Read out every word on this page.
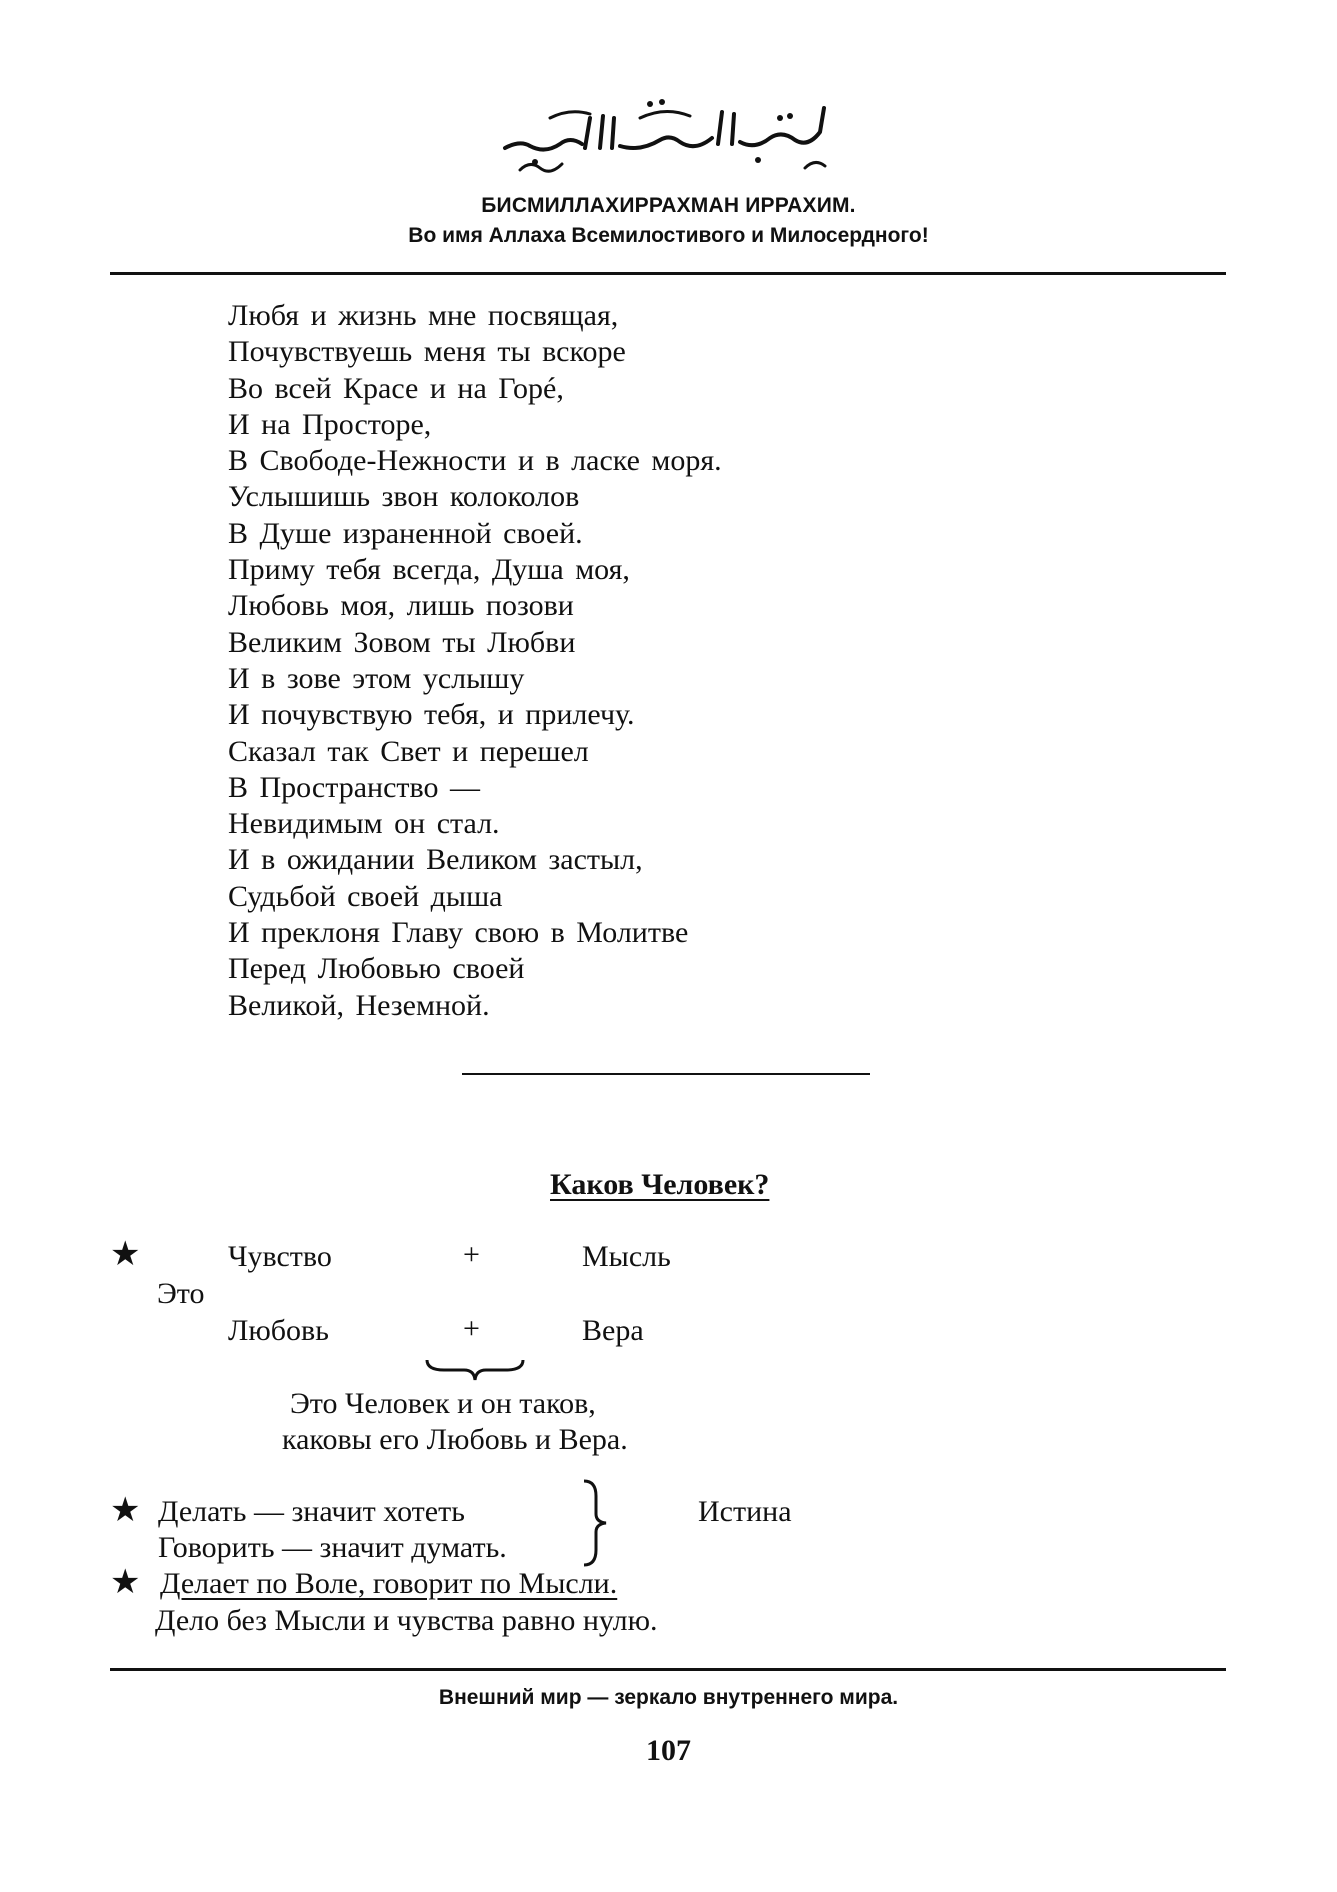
БИСМИЛЛАХИРРАХМАН ИРРАХИМ.
Во имя Аллаха Всемилостивого и Милосердного!
Любя и жизнь мне посвящая,
Почувствуешь меня ты вскоре
Во всей Красе и на Горé,
И на Просторе,
В Свободе-Нежности и в ласке моря.
Услышишь звон колоколов
В Душе израненной своей.
Приму тебя всегда, Душа моя,
Любовь моя, лишь позови
Великим Зовом ты Любви
И в зове этом услышу
И почувствую тебя, и прилечу.
Сказал так Свет и перешел
В Пространство —
Невидимым он стал.
И в ожидании Великом застыл,
Судьбой своей дыша
И преклоня Главу свою в Молитве
Перед Любовью своей
Великой, Неземной.
Каков Человек?
★	Чувство	+	Мысль
Это
Любовь	+	Вера
Это Человек и он таков,
каковы его Любовь и Вера.
★ Делать — значит хотеть
Говорить — значит думать.
Истина
★ Делает по Воле, говорит по Мысли.
Дело без Мысли и чувства равно нулю.
Внешний мир — зеркало внутреннего мира.
107
